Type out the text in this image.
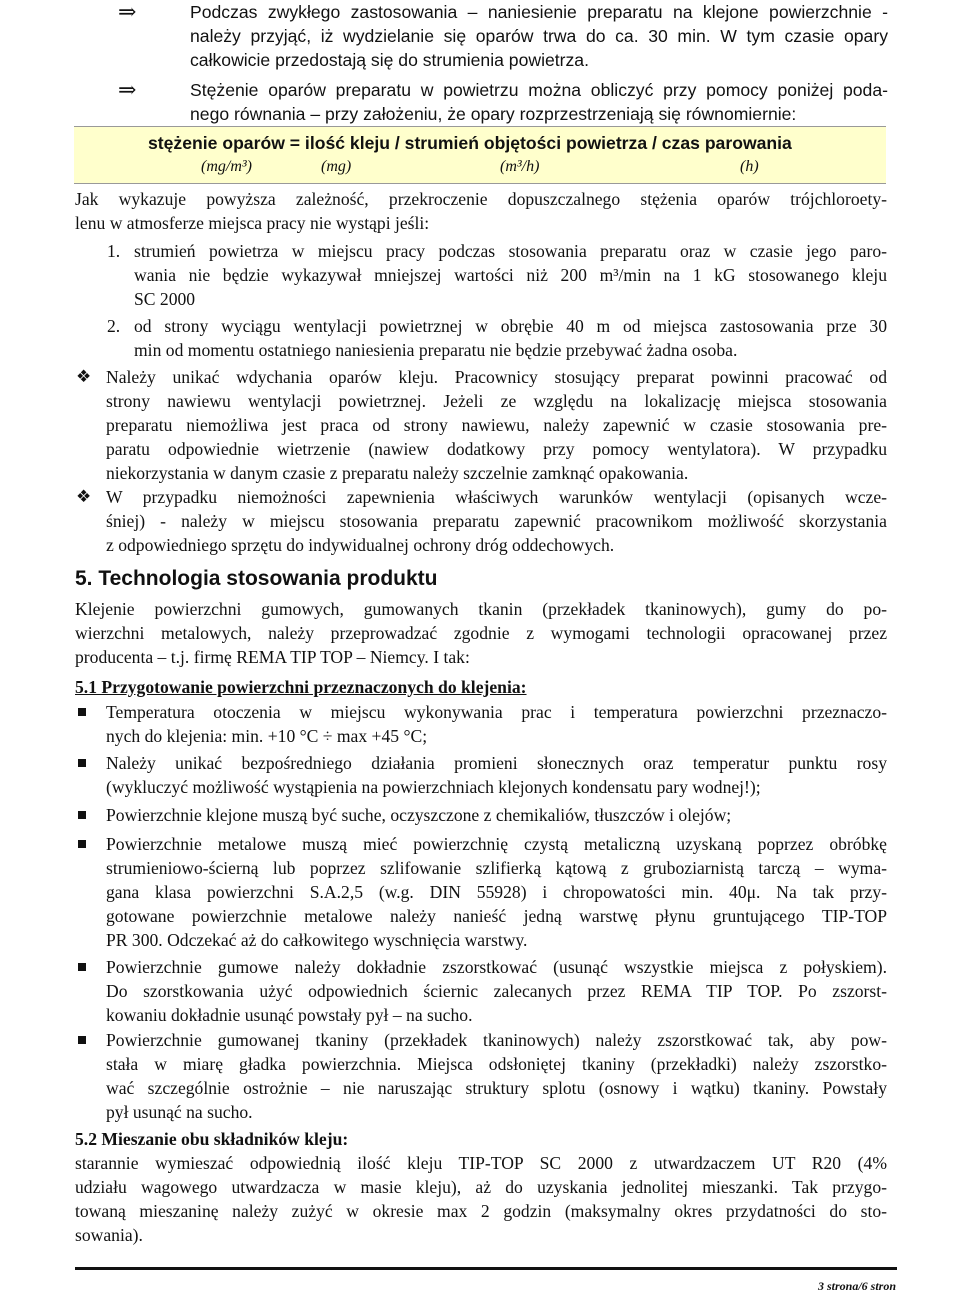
⇒	Podczas zwykłego zastosowania – naniesienie preparatu na klejone powierzchnie -
należy przyjąć, iż wydzielanie się oparów trwa do ca. 30 min. W tym czasie opary
całkowicie przedostają się do strumienia powietrza.
⇒	Stężenie oparów preparatu w powietrzu można obliczyć przy pomocy poniżej poda-
nego równania – przy założeniu, że opary rozprzestrzeniają się równomiernie:
stężenie oparów = ilość kleju / strumień objętości powietrza / czas parowania
(mg/m³)	(mg)	(m³/h)	(h)
Jak wykazuje powyższa zależność, przekroczenie dopuszczalnego stężenia oparów trójchloroety-
lenu w atmosferze miejsca pracy nie wystąpi jeśli:
1. strumień powietrza w miejscu pracy podczas stosowania preparatu oraz w czasie jego paro-
wania nie będzie wykazywał mniejszej wartości niż 200 m³/min na 1 kG stosowanego kleju
SC 2000
2. od strony wyciągu wentylacji powietrznej w obrębie 40 m od miejsca zastosowania prze 30
min od momentu ostatniego naniesienia preparatu nie będzie przebywać żadna osoba.
❖ Należy unikać wdychania oparów kleju. Pracownicy stosujący preparat powinni pracować od
strony nawiewu wentylacji powietrznej. Jeżeli ze względu na lokalizację miejsca stosowania
preparatu niemożliwa jest praca od strony nawiewu, należy zapewnić w czasie stosowania pre-
paratu odpowiednie wietrzenie (nawiew dodatkowy przy pomocy wentylatora). W przypadku
niekorzystania w danym czasie z preparatu należy szczelnie zamknąć opakowania.
❖ W przypadku niemożności zapewnienia właściwych warunków wentylacji (opisanych wcze-
śniej) - należy w miejscu stosowania preparatu zapewnić pracownikom możliwość skorzystania
z odpowiedniego sprzętu do indywidualnej ochrony dróg oddechowych.
5. Technologia stosowania produktu
Klejenie powierzchni gumowych, gumowanych tkanin (przekładek tkaninowych), gumy do po-
wierzchni metalowych, należy przeprowadzać zgodnie z wymogami technologii opracowanej przez
producenta – t.j. firmę REMA TIP TOP – Niemcy. I tak:
5.1 Przygotowanie powierzchni przeznaczonych do klejenia:
Temperatura otoczenia w miejscu wykonywania prac i temperatura powierzchni przeznaczo-
nych do klejenia: min. +10 °C ÷ max +45 °C;
Należy unikać bezpośredniego działania promieni słonecznych oraz temperatur punktu rosy
(wykluczyć możliwość wystąpienia na powierzchniach klejonych kondensatu pary wodnej!);
Powierzchnie klejone muszą być suche, oczyszczone z chemikaliów, tłuszczów i olejów;
Powierzchnie metalowe muszą mieć powierzchnię czystą metaliczną uzyskaną poprzez obróbkę
strumieniowo-ścierną lub poprzez szlifowanie szlifierką kątową z gruboziarnistą tarczą – wyma-
gana klasa powierzchni S.A.2,5 (w.g. DIN 55928) i chropowatości min. 40μ. Na tak przy-
gotowane powierzchnie metalowe należy nanieść jedną warstwę płynu gruntującego TIP-TOP
PR 300. Odczekać aż do całkowitego wyschnięcia warstwy.
Powierzchnie gumowe należy dokładnie zszorstkować (usunąć wszystkie miejsca z połyskiem).
Do szorstkowania użyć odpowiednich ściernic zalecanych przez REMA TIP TOP. Po zszorst-
kowaniu dokładnie usunąć powstały pył – na sucho.
Powierzchnie gumowanej tkaniny (przekładek tkaninowych) należy zszorstkować tak, aby pow-
stała w miarę gładka powierzchnia. Miejsca odsłoniętej tkaniny (przekładki) należy zszorstko-
wać szczególnie ostrożnie – nie naruszając struktury splotu (osnowy i wątku) tkaniny. Powstały
pył usunąć na sucho.
5.2 Mieszanie obu składników kleju:
starannie wymieszać odpowiednią ilość kleju TIP-TOP SC 2000 z utwardzaczem UT R20 (4%
udziału wagowego utwardzacza w masie kleju), aż do uzyskania jednolitej mieszanki. Tak przygo-
towaną mieszaninę należy zużyć w okresie max 2 godzin (maksymalny okres przydatności do sto-
sowania).
3 strona/6 stron
